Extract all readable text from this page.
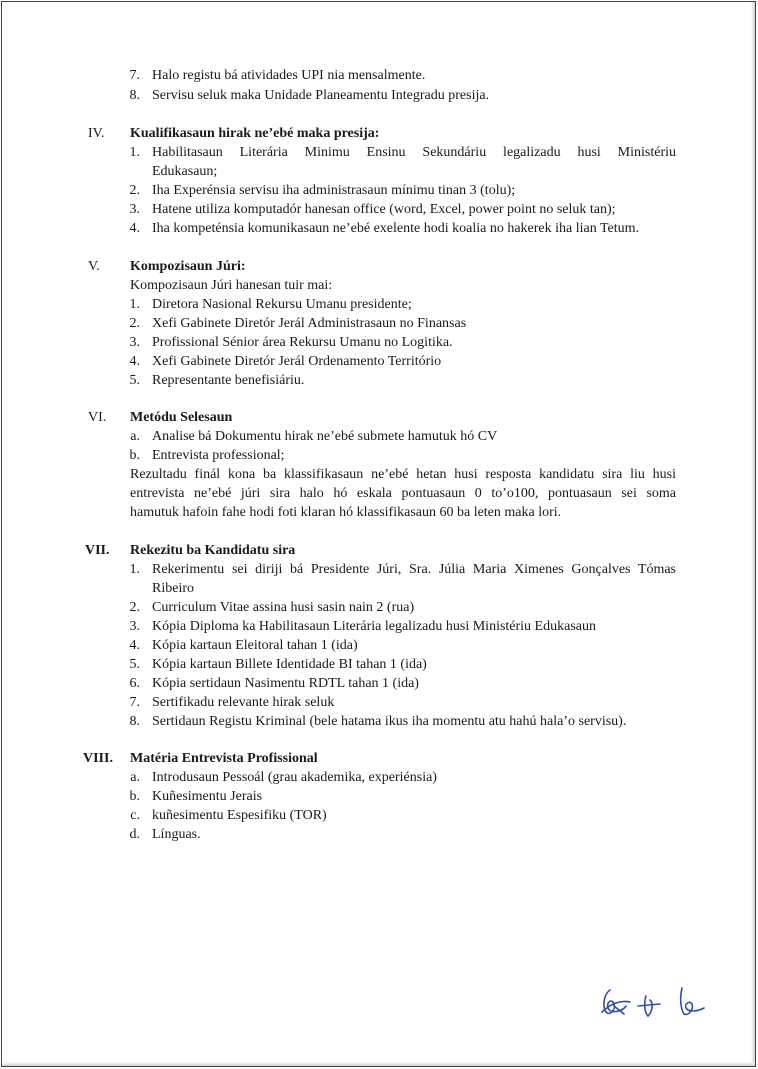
7. Halo registu bá atividades UPI nia mensalmente.
8. Servisu seluk maka Unidade Planeamentu Integradu presija.
IV. Kualifikasaun hirak ne’ebé maka presija:
1. Habilitasaun Literária Minimu Ensinu Sekundáriu legalizadu husi Ministériu
Edukasaun;
2. Iha Experénsia servisu iha administrasaun mínimu tinan 3 (tolu);
3. Hatene utiliza komputadór hanesan office (word, Excel, power point no seluk tan);
4. Iha kompeténsia komunikasaun ne’ebé exelente hodi koalia no hakerek iha lian Tetum.
V. Kompozisaun Júri:
Kompozisaun Júri hanesan tuir mai:
1. Diretora Nasional Rekursu Umanu presidente;
2. Xefi Gabinete Diretór Jerál Administrasaun no Finansas
3. Profissional Sénior área Rekursu Umanu no Logitika.
4. Xefi Gabinete Diretór Jerál Ordenamento Território
5. Representante benefisiáriu.
VI. Metódu Selesaun
a. Analise bá Dokumentu hirak ne’ebé submete hamutuk hó CV
b. Entrevista professional;
Rezultadu finál kona ba klassifikasaun ne’ebé hetan husi resposta kandidatu sira liu husi
entrevista ne’ebé júri sira halo hó eskala pontuasaun 0 to’o100, pontuasaun sei soma
hamutuk hafoin fahe hodi foti klaran hó klassifikasaun 60 ba leten maka lori.
VII. Rekezitu ba Kandidatu sira
1. Rekerimentu sei diriji bá Presidente Júri, Sra. Júlia Maria Ximenes Gonçalves Tómas
Ribeiro
2. Curriculum Vitae assina husi sasin nain 2 (rua)
3. Kópia Diploma ka Habilitasaun Literária legalizadu husi Ministériu Edukasaun
4. Kópia kartaun Eleitoral tahan 1 (ida)
5. Kópia kartaun Billete Identidade BI tahan 1 (ida)
6. Kópia sertidaun Nasimentu RDTL tahan 1 (ida)
7. Sertifikadu relevante hirak seluk
8. Sertidaun Registu Kriminal (bele hatama ikus iha momentu atu hahú hala’o servisu).
VIII. Matéria Entrevista Profissional
a. Introdusaun Pessoál (grau akademika, experiénsia)
b. Kuñesimentu Jerais
c. kuñesimentu Espesifiku (TOR)
d. Línguas.
